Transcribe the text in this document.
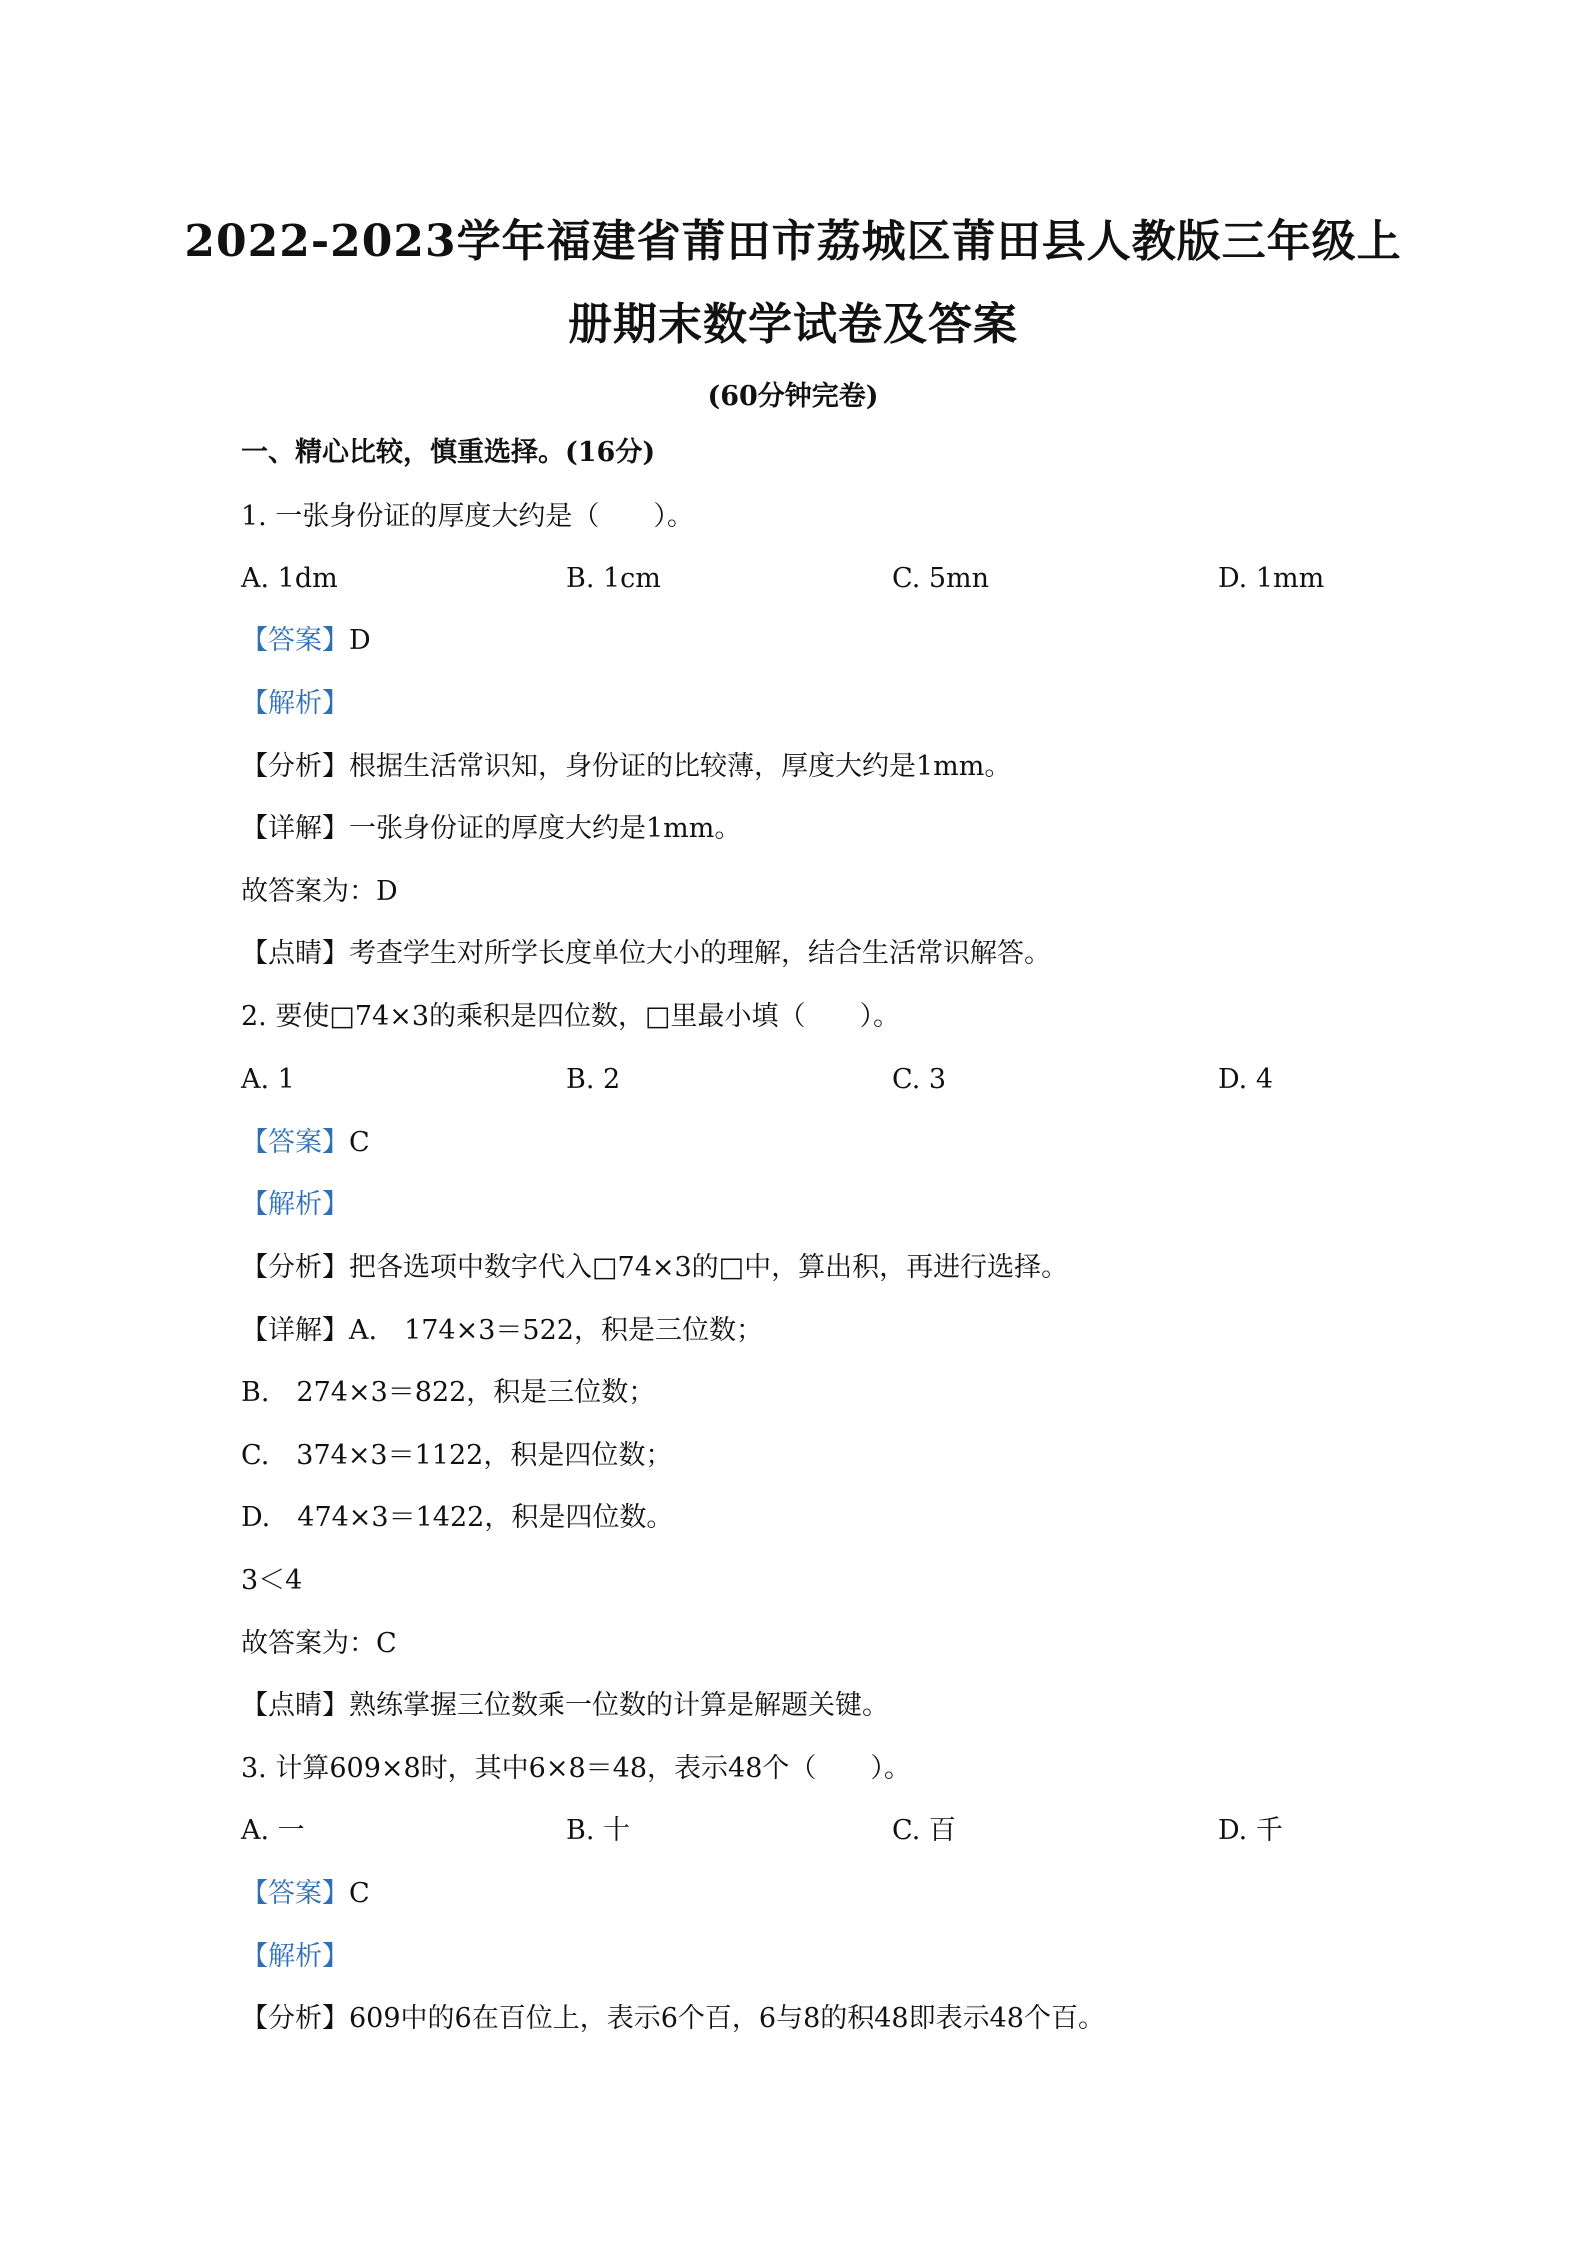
2022-2023学年福建省莆田市荔城区莆田县人教版三年级上
册期末数学试卷及答案
(60分钟完卷)
一、精心比较，慎重选择。(16分)
1. 一张身份证的厚度大约是（　　）。
A. 1dm	B. 1cm	C. 5mn	D. 1mm
【答案】D
【解析】
【分析】根据生活常识知，身份证的比较薄，厚度大约是1mm。
【详解】一张身份证的厚度大约是1mm。
故答案为：D
【点睛】考查学生对所学长度单位大小的理解，结合生活常识解答。
2. 要使□74×3的乘积是四位数，□里最小填（　　）。
A. 1	B. 2	C. 3	D. 4
【答案】C
【解析】
【分析】把各选项中数字代入□74×3的□中，算出积，再进行选择。
【详解】A.　174×3＝522，积是三位数；
B.　274×3＝822，积是三位数；
C.　374×3＝1122，积是四位数；
D.　474×3＝1422，积是四位数。
3＜4
故答案为：C
【点睛】熟练掌握三位数乘一位数的计算是解题关键。
3. 计算609×8时，其中6×8＝48，表示48个（　　）。
A. 一	B. 十	C. 百	D. 千
【答案】C
【解析】
【分析】609中的6在百位上，表示6个百，6与8的积48即表示48个百。
